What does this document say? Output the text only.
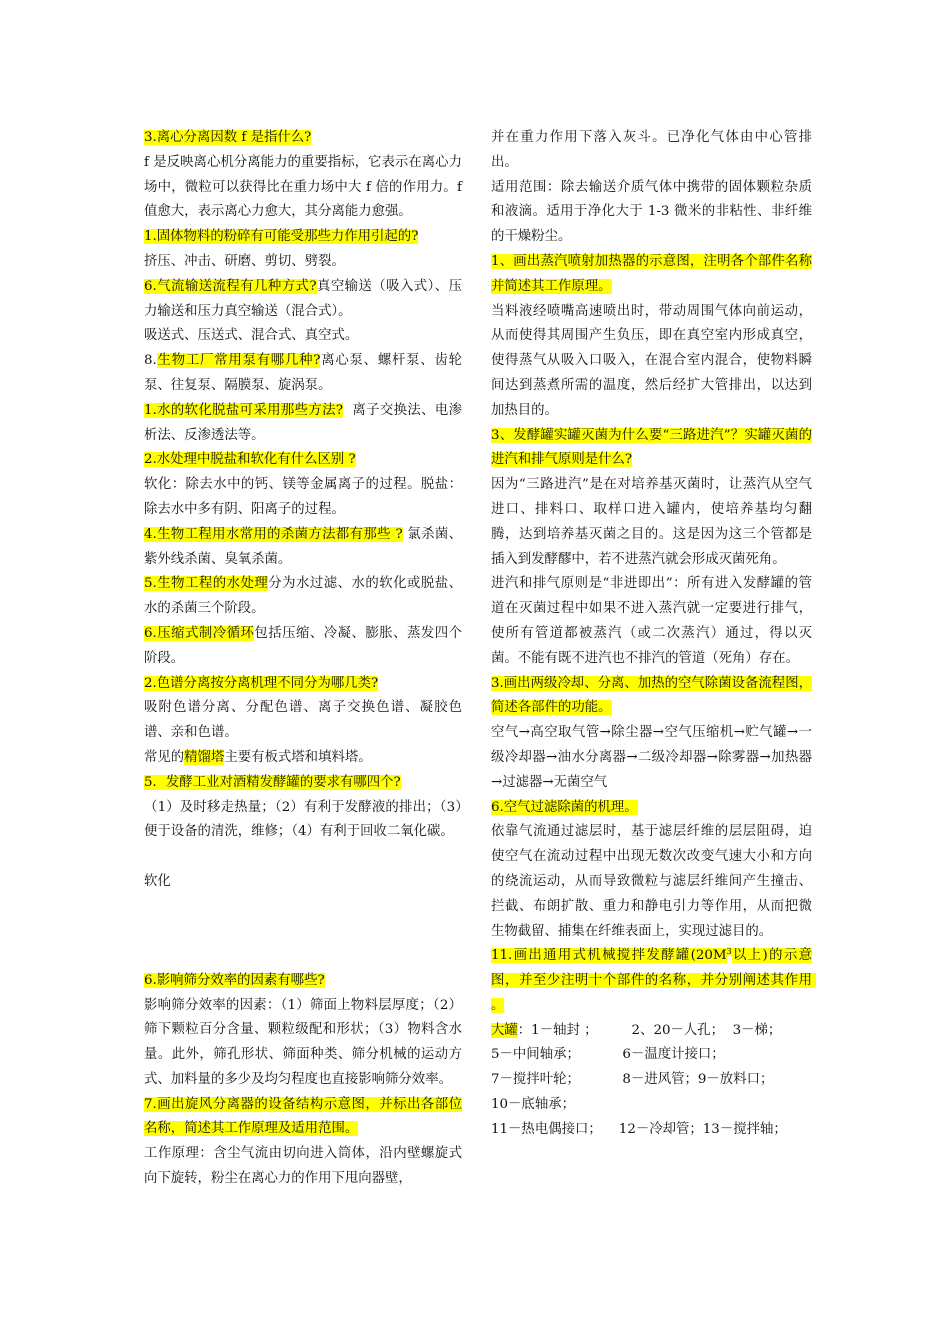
3.离心分离因数 f 是指什么?

f 是反映离心机分离能力的重要指标，它表示在离心力场中，微粒可以获得比在重力场中大 f 倍的作用力。f  值愈大，表示离心力愈大，其分离能力愈强。

1.固体物料的粉碎有可能受那些力作用引起的?

挤压、冲击、研磨、剪切、劈裂。

6.气流输送流程有几种方式?真空输送（吸入式）、压力输送和压力真空输送（混合式）。

吸送式、压送式、混合式、真空式。

8.生物工厂常用泵有哪几种?离心泵、螺杆泵、齿轮泵、往复泵、隔膜泵、旋涡泵。

1.水的软化脱盐可采用那些方法?  离子交换法、电渗析法、反渗透法等。

2.水处理中脱盐和软化有什么区别 ?

软化：除去水中的钙、镁等金属离子的过程。脱盐：除去水中多有阴、阳离子的过程。

4.生物工程用水常用的杀菌方法都有那些 ? 氯杀菌、紫外线杀菌、臭氧杀菌。

5.生物工程的水处理分为水过滤、水的软化或脱盐、水的杀菌三个阶段。

6.压缩式制冷循环包括压缩、冷凝、膨胀、蒸发四个阶段。

2.色谱分离按分离机理不同分为哪几类?

吸附色谱分离、分配色谱、离子交换色谱、凝胶色谱、亲和色谱。

常见的精馏塔主要有板式塔和填料塔。

5．发酵工业对酒精发酵罐的要求有哪四个?

（1）及时移走热量；（2）有利于发酵液的排出；（3）便于设备的清洗，维修；（4）有利于回收二氧化碳。

软化

6.影响筛分效率的因素有哪些?

影响筛分效率的因素：（1）筛面上物料层厚度；（2）筛下颗粒百分含量、颗粒级配和形状；（3）物料含水量。此外，筛孔形状、筛面种类、筛分机械的运动方式、加料量的多少及均匀程度也直接影响筛分效率。

7.画出旋风分离器的设备结构示意图，并标出各部位名称，简述其工作原理及适用范围。

工作原理：含尘气流由切向进入筒体，沿内壁螺旋式向下旋转，粉尘在离心力的作用下甩向器壁，

并在重力作用下落入灰斗。已净化气体由中心管排出。

适用范围：除去输送介质气体中携带的固体颗粒杂质和液滴。适用于净化大于 1-3 微米的非粘性、非纤维的干燥粉尘。

1、画出蒸汽喷射加热器的示意图，注明各个部件名称并简述其工作原理。

当料液经喷嘴高速喷出时，带动周围气体向前运动，从而使得其周围产生负压，即在真空室内形成真空，使得蒸气从吸入口吸入，在混合室内混合，使物料瞬间达到蒸煮所需的温度，然后经扩大管排出，以达到加热目的。

3、发酵罐实罐灭菌为什么要“三路进汽”？实罐灭菌的进汽和排气原则是什么?

因为“三路进汽”是在对培养基灭菌时，让蒸汽从空气进口、排料口、取样口进入罐内，使培养基均匀翻腾，达到培养基灭菌之目的。这是因为这三个管都是插入到发酵醪中，若不进蒸汽就会形成灭菌死角。

进汽和排气原则是“非进即出”：所有进入发酵罐的管道在灭菌过程中如果不进入蒸汽就一定要进行排气，使所有管道都被蒸汽（或二次蒸汽）通过，得以灭菌。不能有既不进汽也不排汽的管道（死角）存在。

3.画出两级冷却、分离、加热的空气除菌设备流程图，简述各部件的功能。

空气→高空取气管→除尘器→空气压缩机→贮气罐→一级冷却器→油水分离器→二级冷却器→除雾器→加热器→过滤器→无菌空气

6.空气过滤除菌的机理。

依靠气流通过滤层时，基于滤层纤维的层层阻碍，迫使空气在流动过程中出现无数次改变气速大小和方向的绕流运动，从而导致微粒与滤层纤维间产生撞击、拦截、布朗扩散、重力和静电引力等作用，从而把微生物截留、捕集在纤维表面上，实现过滤目的。

11.画出通用式机械搅拌发酵罐($20M^3$以上)的示意图，并至少注明十个部件的名称，并分别阐述其作用 。

大罐：1－轴封 ；        2、20－人孔；  3－梯；

5－中间轴承；          6－温度计接口；

7－搅拌叶轮；          8－进风管；9－放料口；

10－底轴承；

11－热电偶接口；    12－冷却管；13－搅拌轴；
